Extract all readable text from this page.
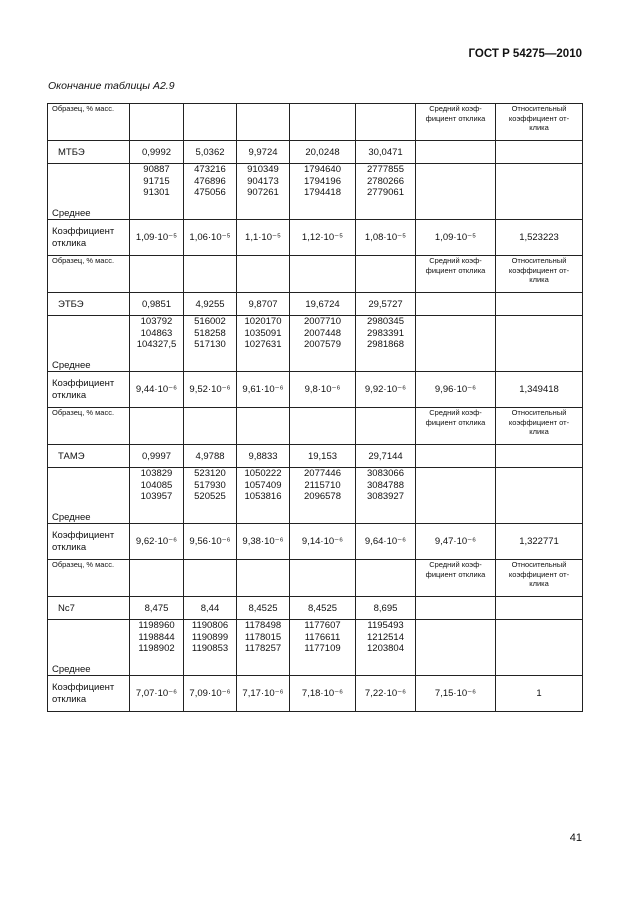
ГОСТ Р 54275—2010
Окончание таблицы А2.9
Образец, % масс.						Средний коэф-
фициент отклика	Относительный
коэффициент от-
клика

МТБЭ	0,9992	5,0362	9,9724	20,0248	30,0471		
Среднее	90887
91715
91301	473216
476896
475056	910349
904173
907261	1794640
1794196
1794418	2777855
2780266
2779061		

Коэффициент
отклика	1,09·10⁻⁵	1,06·10⁻⁵	1,1·10⁻⁵	1,12·10⁻⁵	1,08·10⁻⁵	1,09·10⁻⁵	1,523223
Образец, % масс.						Средний коэф-
фициент отклика	Относительный
коэффициент от-
клика

ЭТБЭ	0,9851	4,9255	9,8707	19,6724	29,5727		
Среднее	103792
104863
104327,5	516002
518258
517130	1020170
1035091
1027631	2007710
2007448
2007579	2980345
2983391
2981868		

Коэффициент
отклика	9,44·10⁻⁶	9,52·10⁻⁶	9,61·10⁻⁶	9,8·10⁻⁶	9,92·10⁻⁶	9,96·10⁻⁶	1,349418
Образец, % масс.						Средний коэф-
фициент отклика	Относительный
коэффициент от-
клика

ТАМЭ	0,9997	4,9788	9,8833	19,153	29,7144		
Среднее	103829
104085
103957	523120
517930
520525	1050222
1057409
1053816	2077446
2115710
2096578	3083066
3084788
3083927		

Коэффициент
отклика	9,62·10⁻⁶	9,56·10⁻⁶	9,38·10⁻⁶	9,14·10⁻⁶	9,64·10⁻⁶	9,47·10⁻⁶	1,322771
Образец, % масс.						Средний коэф-
фициент отклика	Относительный
коэффициент от-
клика

Nc7	8,475	8,44	8,4525	8,4525	8,695		
Среднее	1198960
1198844
1198902	1190806
1190899
1190853	1178498
1178015
1178257	1177607
1176611
1177109	1195493
1212514
1203804		

Коэффициент
отклика	7,07·10⁻⁶	7,09·10⁻⁶	7,17·10⁻⁶	7,18·10⁻⁶	7,22·10⁻⁶	7,15·10⁻⁶	1
41
